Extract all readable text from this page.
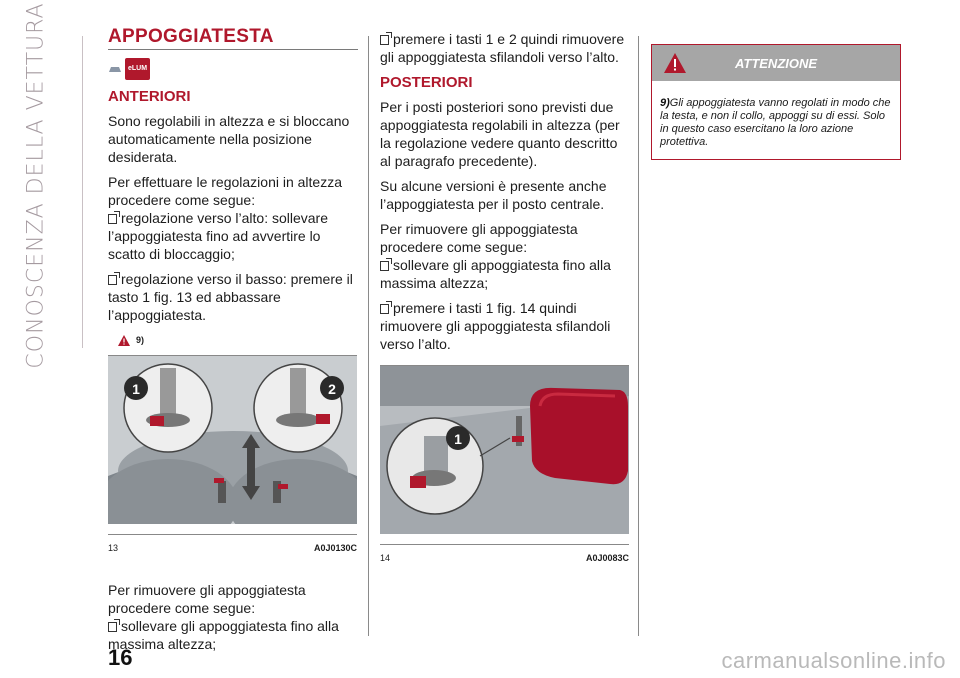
CONOSCENZA DELLA VETTURA	APPOGGIATESTA
eLUM
ANTERIORI

Sono regolabili in altezza e si bloccano automaticamente nella posizione desiderata.

Per effettuare le regolazioni in altezza procedere come segue:

regolazione verso l’alto: sollevare l’appoggiatesta fino ad avvertire lo scatto di bloccaggio;

regolazione verso il basso: premere il tasto 1 fig. 13 ed abbassare l’appoggiatesta.

9)
1	2
13	A0J0130C

Per rimuovere gli appoggiatesta procedere come segue:

sollevare gli appoggiatesta fino alla massima altezza;

premere i tasti 1 e 2 quindi rimuovere gli appoggiatesta sfilandoli verso l’alto.

POSTERIORI

Per i posti posteriori sono previsti due appoggiatesta regolabili in altezza (per la regolazione vedere quanto descritto al paragrafo precedente).

Su alcune versioni è presente anche l’appoggiatesta per il posto centrale.

Per rimuovere gli appoggiatesta procedere come segue:

sollevare gli appoggiatesta fino alla massima altezza;

premere i tasti 1 fig. 14 quindi rimuovere gli appoggiatesta sfilandoli verso l’alto.

1
14	A0J0083C
ATTENZIONE
9)Gli appoggiatesta vanno regolati in modo che la testa, e non il collo, appoggi su di essi. Solo in questo caso esercitano la loro azione protettiva.
16	carmanualsonline.info
